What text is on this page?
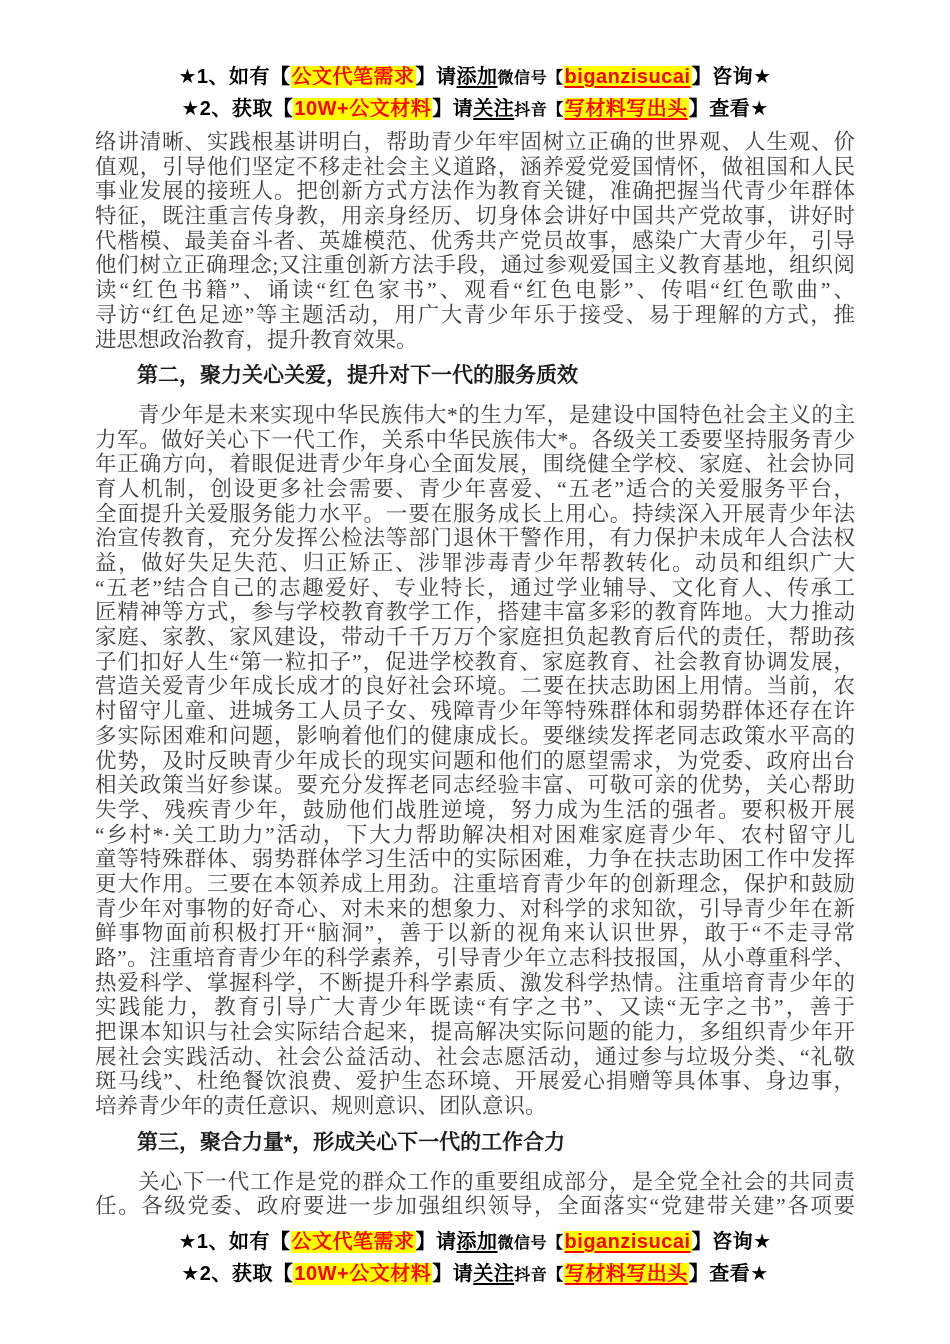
★1、如有【公文代笔需求】请添加微信号【biganzisucai】咨询★
★2、获取【10W+公文材料】请关注抖音【写材料写出头】查看★
络讲清晰、实践根基讲明白，帮助青少年牢固树立正确的世界观、人生观、价
值观，引导他们坚定不移走社会主义道路，涵养爱党爱国情怀，做祖国和人民
事业发展的接班人。把创新方式方法作为教育关键，准确把握当代青少年群体
特征，既注重言传身教，用亲身经历、切身体会讲好中国共产党故事，讲好时
代楷模、最美奋斗者、英雄模范、优秀共产党员故事，感染广大青少年，引导
他们树立正确理念;又注重创新方法手段，通过参观爱国主义教育基地，组织阅
读“红色书籍”、诵读“红色家书”、观看“红色电影”、传唱“红色歌曲”、
寻访“红色足迹”等主题活动，用广大青少年乐于接受、易于理解的方式，推
进思想政治教育，提升教育效果。
第二，聚力关心关爱，提升对下一代的服务质效
青少年是未来实现中华民族伟大*的生力军，是建设中国特色社会主义的主
力军。做好关心下一代工作，关系中华民族伟大*。各级关工委要坚持服务青少
年正确方向，着眼促进青少年身心全面发展，围绕健全学校、家庭、社会协同
育人机制，创设更多社会需要、青少年喜爱、“五老”适合的关爱服务平台，
全面提升关爱服务能力水平。一要在服务成长上用心。持续深入开展青少年法
治宣传教育，充分发挥公检法等部门退休干警作用，有力保护未成年人合法权
益，做好失足失范、归正矫正、涉罪涉毒青少年帮教转化。动员和组织广大
“五老”结合自己的志趣爱好、专业特长，通过学业辅导、文化育人、传承工
匠精神等方式，参与学校教育教学工作，搭建丰富多彩的教育阵地。大力推动
家庭、家教、家风建设，带动千千万万个家庭担负起教育后代的责任，帮助孩
子们扣好人生“第一粒扣子”，促进学校教育、家庭教育、社会教育协调发展，
营造关爱青少年成长成才的良好社会环境。二要在扶志助困上用情。当前，农
村留守儿童、进城务工人员子女、残障青少年等特殊群体和弱势群体还存在许
多实际困难和问题，影响着他们的健康成长。要继续发挥老同志政策水平高的
优势，及时反映青少年成长的现实问题和他们的愿望需求，为党委、政府出台
相关政策当好参谋。要充分发挥老同志经验丰富、可敬可亲的优势，关心帮助
失学、残疾青少年，鼓励他们战胜逆境，努力成为生活的强者。要积极开展
“乡村*·关工助力”活动，下大力帮助解决相对困难家庭青少年、农村留守儿
童等特殊群体、弱势群体学习生活中的实际困难，力争在扶志助困工作中发挥
更大作用。三要在本领养成上用劲。注重培育青少年的创新理念，保护和鼓励
青少年对事物的好奇心、对未来的想象力、对科学的求知欲，引导青少年在新
鲜事物面前积极打开“脑洞”，善于以新的视角来认识世界，敢于“不走寻常
路”。注重培育青少年的科学素养，引导青少年立志科技报国，从小尊重科学、
热爱科学、掌握科学，不断提升科学素质、激发科学热情。注重培育青少年的
实践能力，教育引导广大青少年既读“有字之书”、又读“无字之书”，善于
把课本知识与社会实际结合起来，提高解决实际问题的能力，多组织青少年开
展社会实践活动、社会公益活动、社会志愿活动，通过参与垃圾分类、“礼敬
斑马线”、杜绝餐饮浪费、爱护生态环境、开展爱心捐赠等具体事、身边事，
培养青少年的责任意识、规则意识、团队意识。
第三，聚合力量*，形成关心下一代的工作合力
关心下一代工作是党的群众工作的重要组成部分，是全党全社会的共同责
任。各级党委、政府要进一步加强组织领导，全面落实“党建带关建”各项要
★1、如有【公文代笔需求】请添加微信号【biganzisucai】咨询★
★2、获取【10W+公文材料】请关注抖音【写材料写出头】查看★
